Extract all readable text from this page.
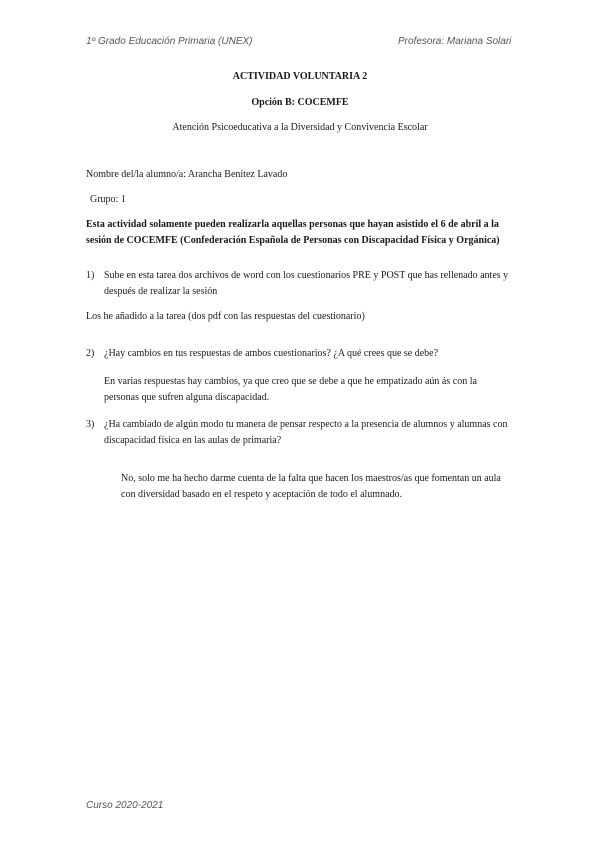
1º Grado Educación Primaria (UNEX)	Profesora: Mariana Solari
ACTIVIDAD VOLUNTARIA 2
Opción B: COCEMFE
Atención Psicoeducativa a la Diversidad y Convivencia Escolar
Nombre del/la alumno/a: Arancha Benítez Lavado
Grupo: 1
Esta actividad solamente pueden realizarla aquellas personas que hayan asistido el 6 de abril a la sesión de COCEMFE (Confederación Española de Personas con Discapacidad Física y Orgánica)
1) Sube en esta tarea dos archivos de word con los cuestionarios PRE y POST que has rellenado antes y después de realizar la sesión
Los he añadido a la tarea (dos pdf con las respuestas del cuestionario)
2) ¿Hay cambios en tus respuestas de ambos cuestionarios? ¿A qué crees que se debe?
En varias respuestas hay cambios, ya que creo que se debe a que he empatizado aún ás con la personas que sufren alguna discapacidad.
3) ¿Ha cambiado de algún modo tu manera de pensar respecto a la presencia de alumnos y alumnas con discapacidad física en las aulas de primaria?
No, solo me ha hecho darme cuenta de la falta que hacen los maestros/as que fomentan un aula con diversidad basado en el respeto y aceptación de todo el alumnado.
Curso 2020-2021
